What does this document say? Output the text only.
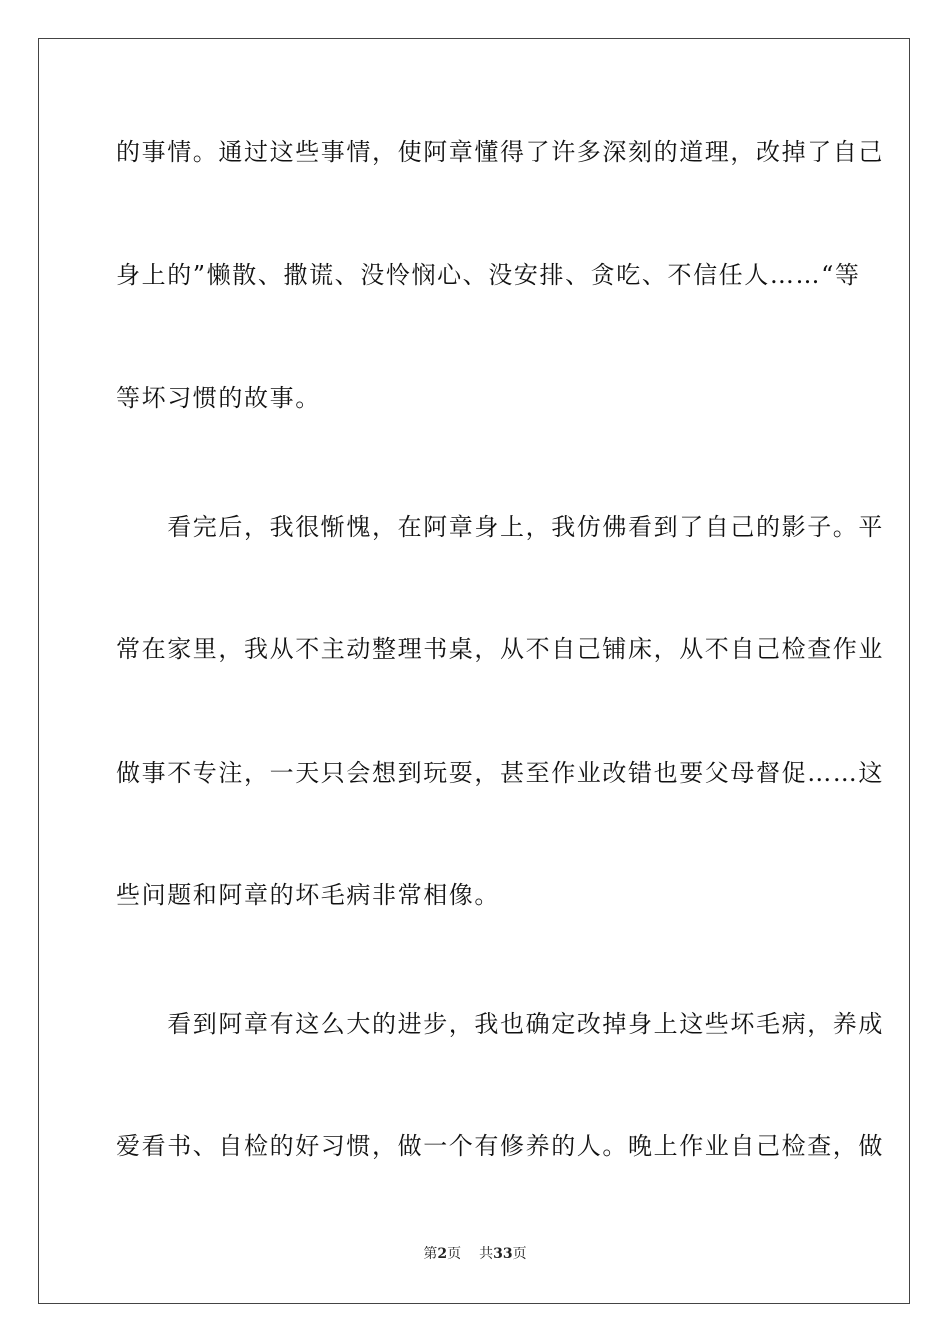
的事情。通过这些事情，使阿章懂得了许多深刻的道理，改掉了自己
身上的”懒散、撒谎、没怜悯心、没安排、贪吃、不信任人……“等
等坏习惯的故事。
　　看完后，我很惭愧，在阿章身上，我仿佛看到了自己的影子。平
常在家里，我从不主动整理书桌，从不自己铺床，从不自己检查作业
做事不专注，一天只会想到玩耍，甚至作业改错也要父母督促……这
些问题和阿章的坏毛病非常相像。
　　看到阿章有这么大的进步，我也确定改掉身上这些坏毛病，养成
爱看书、自检的好习惯，做一个有修养的人。晚上作业自己检查，做
第2页 共33页
